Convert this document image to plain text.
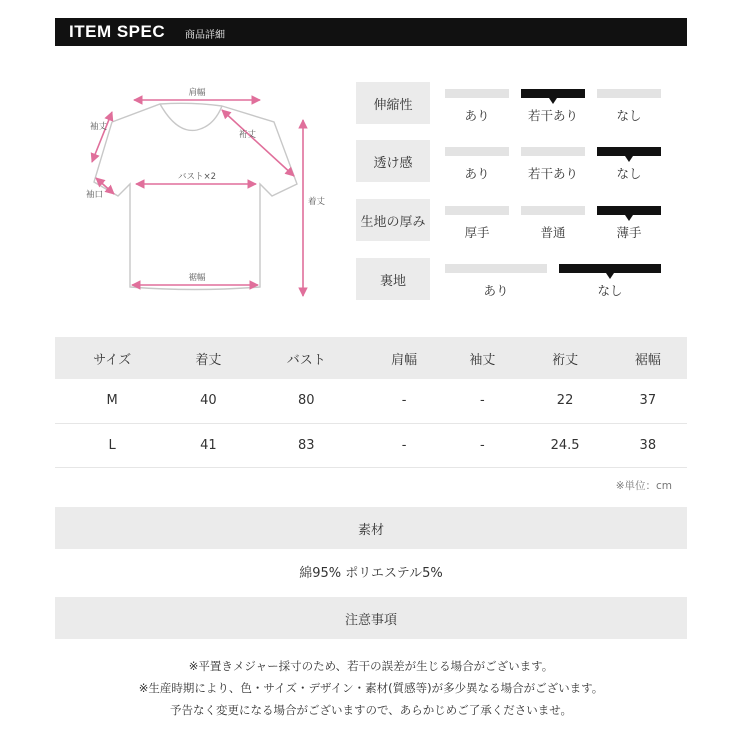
ITEM SPEC 商品詳細
肩幅
袖丈
裄丈
袖口
バスト×2
着丈
裾幅
伸縮性
あり	若干あり	なし
透け感
あり	若干あり	なし
生地の厚み
厚手	普通	薄手
裏地
あり	なし
サイズ	着丈	バスト	肩幅	袖丈	裄丈	裾幅
M	40	80	-	-	22	37
L	41	83	-	-	24.5	38
※単位：cm
素材
綿95% ポリエステル5%
注意事項
※平置きメジャー採寸のため、若干の誤差が生じる場合がございます。
※生産時期により、色・サイズ・デザイン・素材(質感等)が多少異なる場合がございます。
予告なく変更になる場合がございますので、あらかじめご了承くださいませ。
